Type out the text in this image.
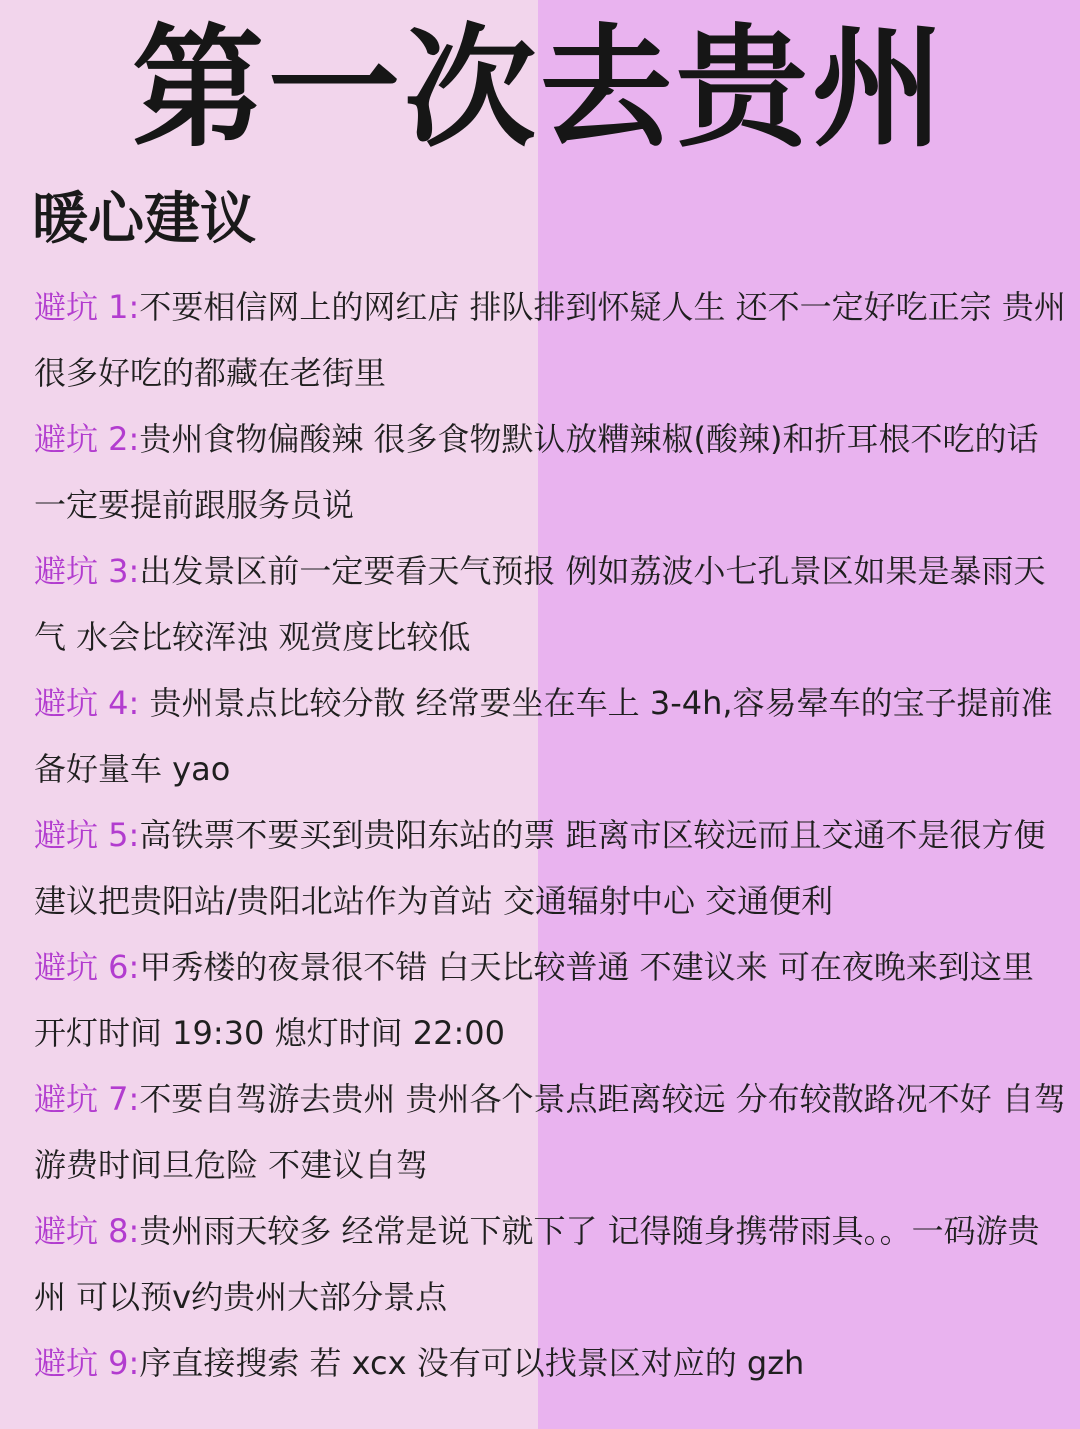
第一次去贵州
暖心建议
避坑 1:不要相信网上的网红店 排队排到怀疑人生 还不一定好吃正宗 贵州很多好吃的都藏在老街里
避坑 2:贵州食物偏酸辣 很多食物默认放糟辣椒(酸辣)和折耳根不吃的话一定要提前跟服务员说
避坑 3:出发景区前一定要看天气预报 例如荔波小七孔景区如果是暴雨天气 水会比较浑浊 观赏度比较低
避坑 4: 贵州景点比较分散 经常要坐在车上 3-4h,容易晕车的宝子提前准备好量车 yao
避坑 5:高铁票不要买到贵阳东站的票 距离市区较远而且交通不是很方便 建议把贵阳站/贵阳北站作为首站 交通辐射中心 交通便利
避坑 6:甲秀楼的夜景很不错 白天比较普通 不建议来 可在夜晚来到这里 开灯时间 19:30 熄灯时间 22:00
避坑 7:不要自驾游去贵州 贵州各个景点距离较远 分布较散路况不好 自驾游费时间旦危险 不建议自驾
避坑 8:贵州雨天较多 经常是说下就下了 记得随身携带雨具。。一码游贵州 可以预v约贵州大部分景点
避坑 9:序直接搜索 若 xcx 没有可以找景区对应的 gzh
